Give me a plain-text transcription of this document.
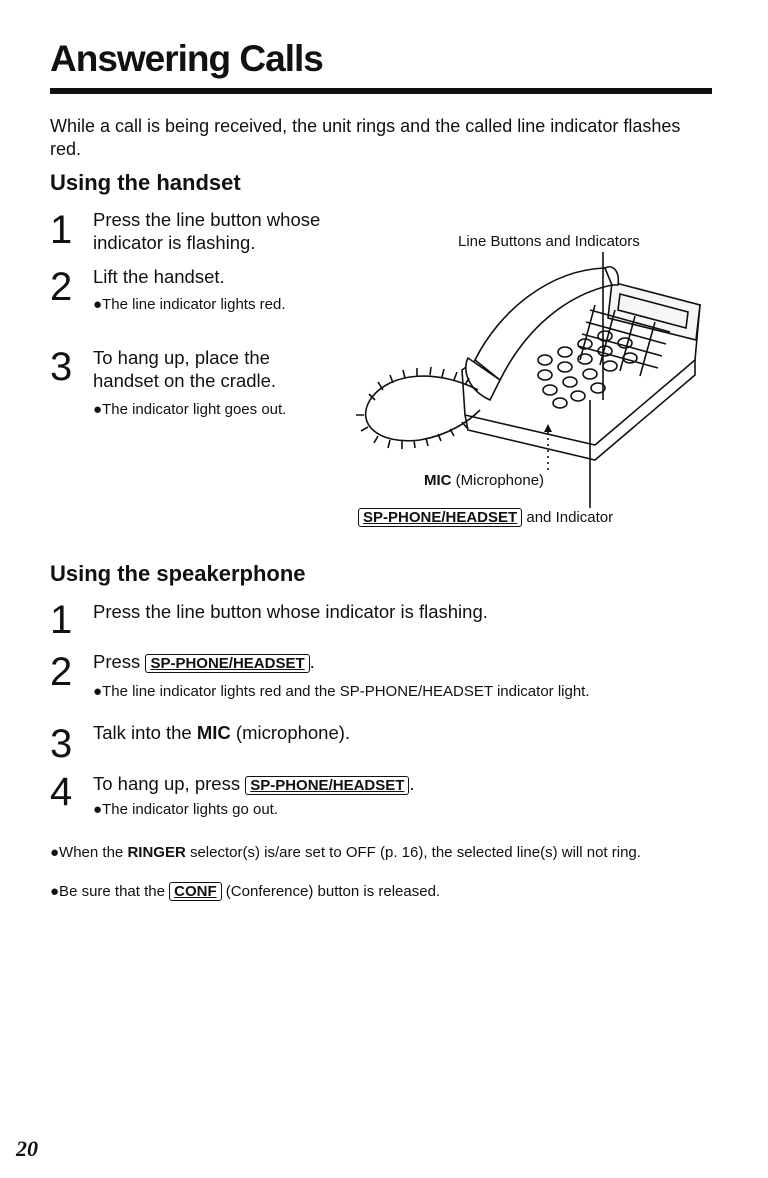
Answering Calls
While a call is being received, the unit rings and the called line indicator flashes red.
Using the handset
1 Press the line button whose indicator is flashing.
2 Lift the handset.
●The line indicator lights red.
3 To hang up, place the handset on the cradle.
●The indicator light goes out.
Line Buttons and Indicators
MIC (Microphone)
SP-PHONE/HEADSET and Indicator
Using the speakerphone
1 Press the line button whose indicator is flashing.
2 Press SP-PHONE/HEADSET .
●The line indicator lights red and the SP-PHONE/HEADSET indicator light.
3 Talk into the MIC (microphone).
4 To hang up, press SP-PHONE/HEADSET .
●The indicator lights go out.
●When the RINGER selector(s) is/are set to OFF (p. 16), the selected line(s) will not ring.
●Be sure that the CONF (Conference) button is released.
20
